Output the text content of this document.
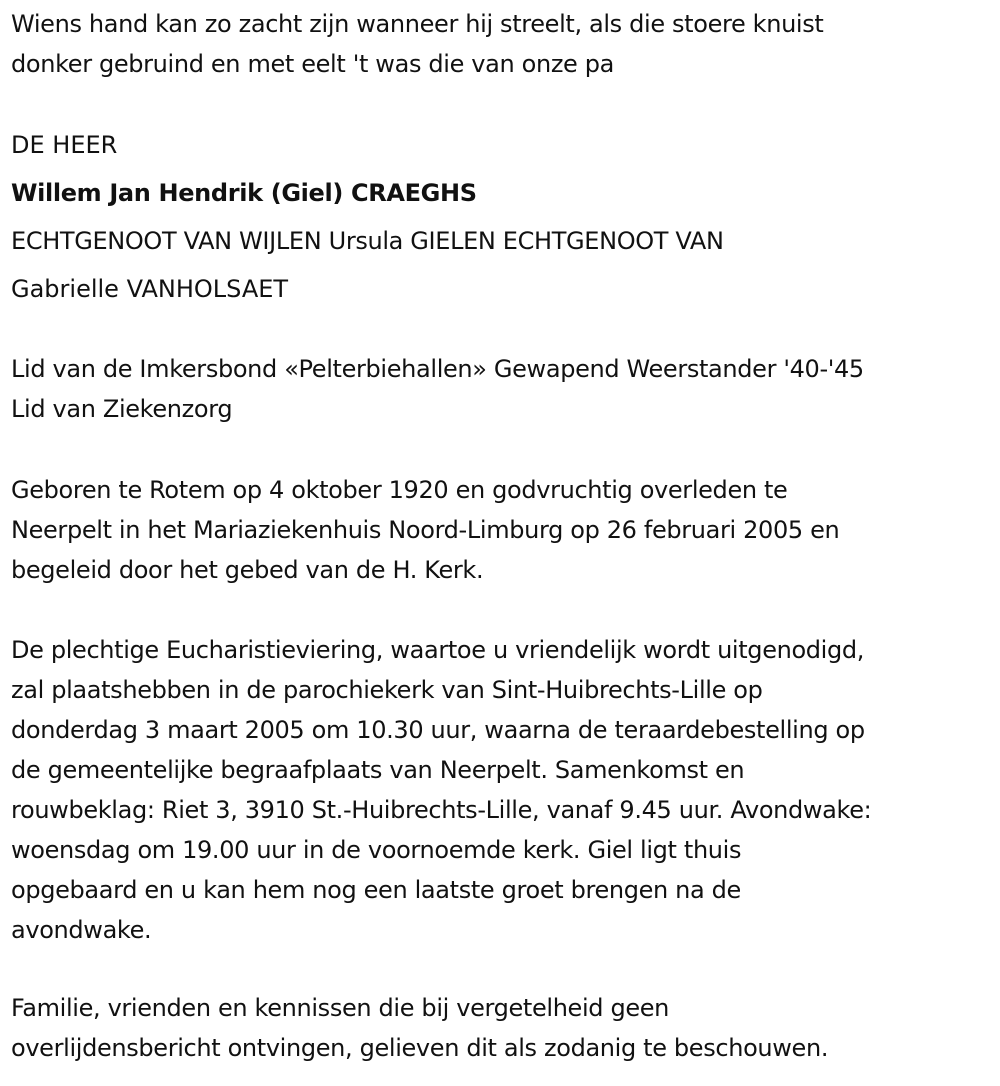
Wiens hand kan zo zacht zijn wanneer hij streelt, als die stoere knuist

donker gebruind en met eelt 't was die van onze pa

DE HEER

Willem Jan Hendrik (Giel) CRAEGHS

ECHTGENOOT VAN WIJLEN Ursula GIELEN ECHTGENOOT VAN

Gabrielle VANHOLSAET

Lid van de Imkersbond «Pelterbiehallen» Gewapend Weerstander '40-'45

Lid van Ziekenzorg

Geboren te Rotem op 4 oktober 1920 en godvruchtig overleden te

Neerpelt in het Mariaziekenhuis Noord-Limburg op 26 februari 2005 en

begeleid door het gebed van de H. Kerk.

De plechtige Eucharistieviering, waartoe u vriendelijk wordt uitgenodigd,

zal plaatshebben in de parochiekerk van Sint-Huibrechts-Lille op

donderdag 3 maart 2005 om 10.30 uur, waarna de teraardebestelling op

de gemeentelijke begraafplaats van Neerpelt. Samenkomst en

rouwbeklag: Riet 3, 3910 St.-Huibrechts-Lille, vanaf 9.45 uur. Avondwake:

woensdag om 19.00 uur in de voornoemde kerk. Giel ligt thuis

opgebaard en u kan hem nog een laatste groet brengen na de

avondwake.

Familie, vrienden en kennissen die bij vergetelheid geen

overlijdensbericht ontvingen, gelieven dit als zodanig te beschouwen.
